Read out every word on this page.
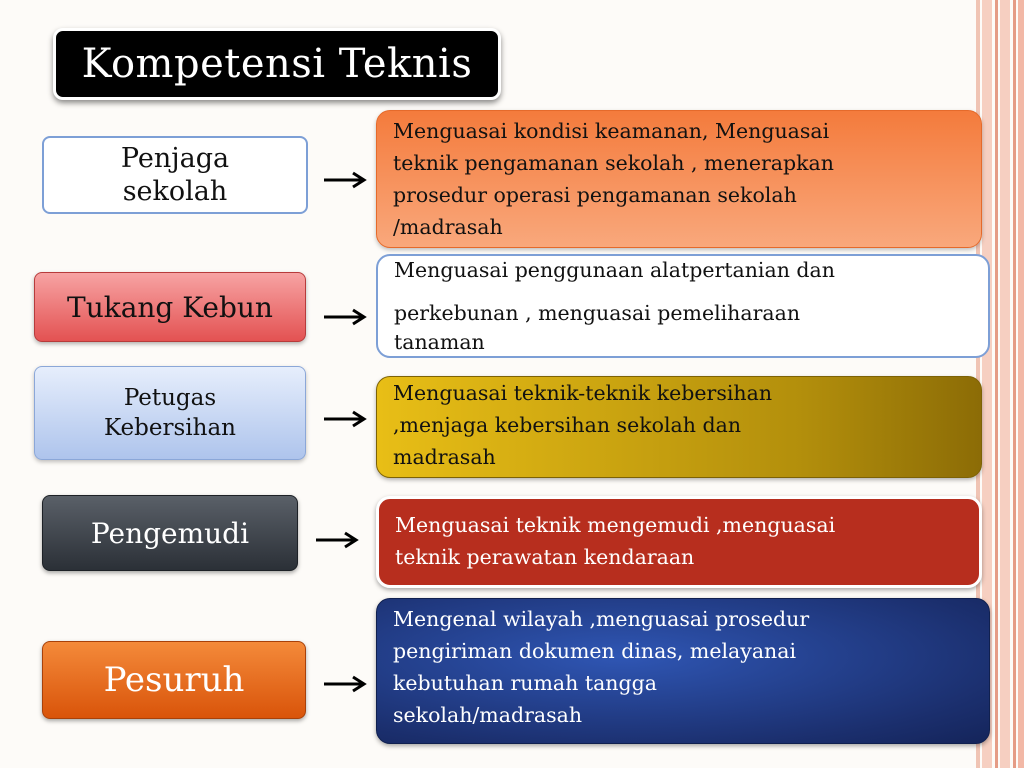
Kompetensi Teknis
Penjaga
sekolah
Menguasai kondisi keamanan, Menguasai
teknik pengamanan sekolah , menerapkan
prosedur operasi pengamanan sekolah
/madrasah
Tukang Kebun
Menguasai penggunaan alatpertanian dan
perkebunan , menguasai pemeliharaan
tanaman
Petugas
Kebersihan
Menguasai teknik-teknik kebersihan
,menjaga kebersihan sekolah dan
madrasah
Pengemudi	Menguasai teknik mengemudi ,menguasai
teknik perawatan kendaraan
Pesuruh
Mengenal wilayah ,menguasai prosedur
pengiriman dokumen dinas, melayanai
kebutuhan rumah tangga
sekolah/madrasah
